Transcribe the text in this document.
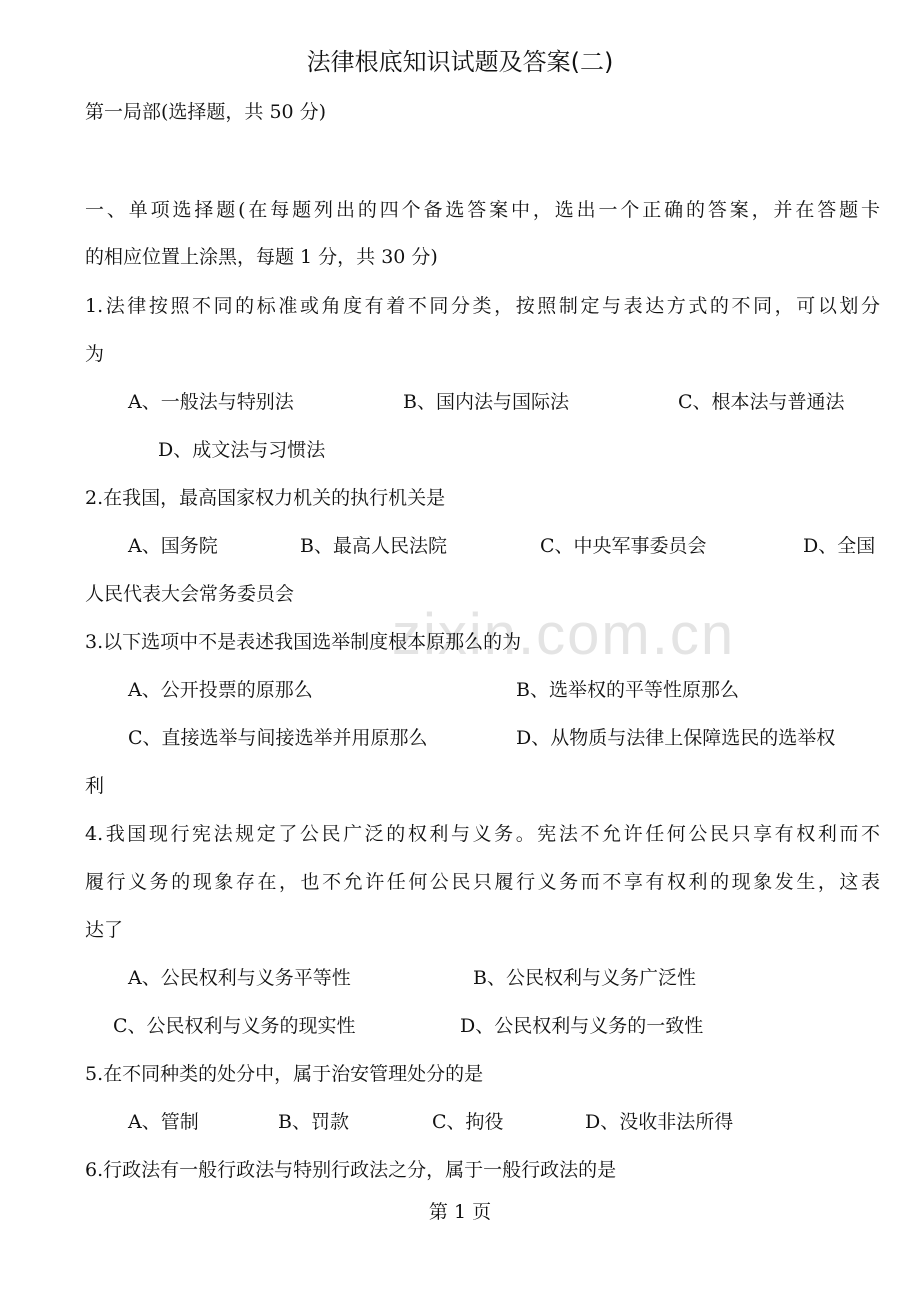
法律根底知识试题及答案(二)
第一局部(选择题，共 50 分)
一、单项选择题(在每题列出的四个备选答案中，选出一个正确的答案，并在答题卡
的相应位置上涂黑，每题 1 分，共 30 分)
1.法律按照不同的标准或角度有着不同分类，按照制定与表达方式的不同，可以划分
为
A、一般法与特别法	B、国内法与国际法	C、根本法与普通法
D、成文法与习惯法
2.在我国，最高国家权力机关的执行机关是
A、国务院	B、最高人民法院	C、中央军事委员会	D、全国
人民代表大会常务委员会
zixin.com.cn
3.以下选项中不是表述我国选举制度根本原那么的为
A、公开投票的原那么	B、选举权的平等性原那么
C、直接选举与间接选举并用原那么	D、从物质与法律上保障选民的选举权
利
4.我国现行宪法规定了公民广泛的权利与义务。宪法不允许任何公民只享有权利而不
履行义务的现象存在，也不允许任何公民只履行义务而不享有权利的现象发生，这表
达了
A、公民权利与义务平等性	B、公民权利与义务广泛性
C、公民权利与义务的现实性	D、公民权利与义务的一致性
5.在不同种类的处分中，属于治安管理处分的是
A、管制	B、罚款	C、拘役	D、没收非法所得
6.行政法有一般行政法与特别行政法之分，属于一般行政法的是
第 1 页
